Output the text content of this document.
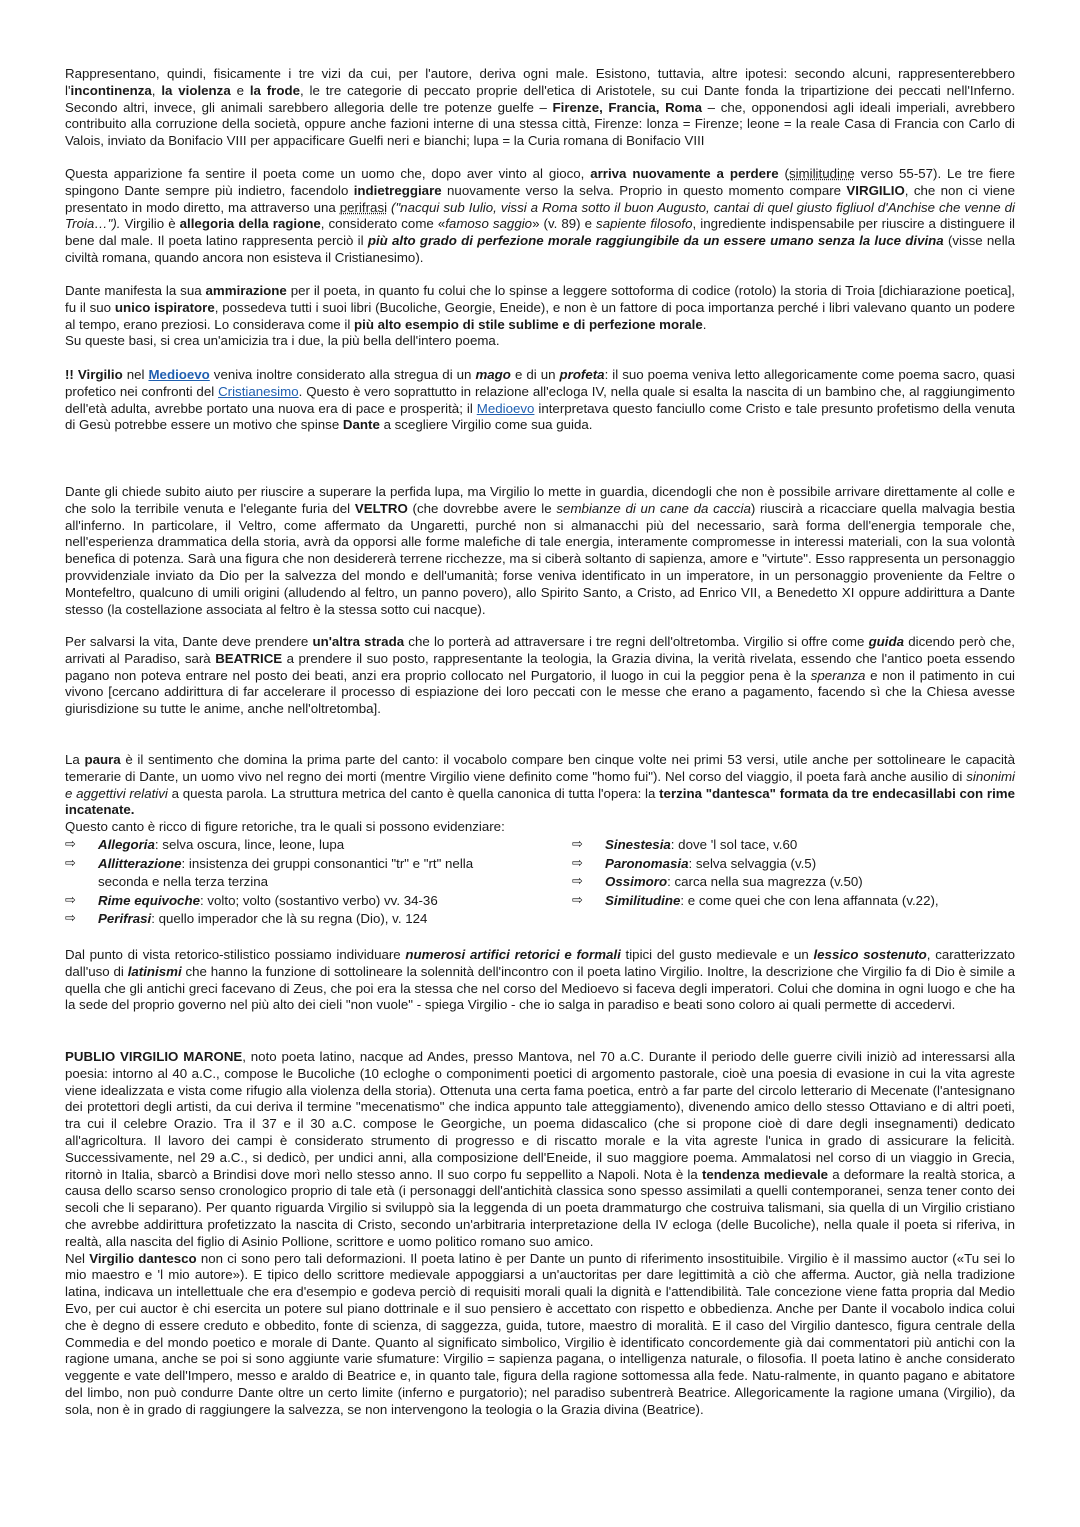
Rappresentano, quindi, fisicamente i tre vizi da cui, per l'autore, deriva ogni male. Esistono, tuttavia, altre ipotesi: secondo alcuni, rappresenterebbero l'incontinenza, la violenza e la frode, le tre categorie di peccato proprie dell'etica di Aristotele, su cui Dante fonda la tripartizione dei peccati nell'Inferno. Secondo altri, invece, gli animali sarebbero allegoria delle tre potenze guelfe – Firenze, Francia, Roma – che, opponendosi agli ideali imperiali, avrebbero contribuito alla corruzione della società, oppure anche fazioni interne di una stessa città, Firenze: lonza = Firenze; leone = la reale Casa di Francia con Carlo di Valois, inviato da Bonifacio VIII per appacificare Guelfi neri e bianchi; lupa = la Curia romana di Bonifacio VIII

Questa apparizione fa sentire il poeta come un uomo che, dopo aver vinto al gioco, arriva nuovamente a perdere (similitudine verso 55-57). Le tre fiere spingono Dante sempre più indietro, facendolo indietreggiare nuovamente verso la selva. Proprio in questo momento compare VIRGILIO, che non ci viene presentato in modo diretto, ma attraverso una perifrasi ("nacqui sub Iulio, vissi a Roma sotto il buon Augusto, cantai di quel giusto figliuol d'Anchise che venne di Troia…"). Virgilio è allegoria della ragione, considerato come «famoso saggio» (v. 89) e sapiente filosofo, ingrediente indispensabile per riuscire a distinguere il bene dal male. Il poeta latino rappresenta perciò il più alto grado di perfezione morale raggiungibile da un essere umano senza la luce divina (visse nella civiltà romana, quando ancora non esisteva il Cristianesimo).

Dante manifesta la sua ammirazione per il poeta, in quanto fu colui che lo spinse a leggere sottoforma di codice (rotolo) la storia di Troia [dichiarazione poetica], fu il suo unico ispiratore, possedeva tutti i suoi libri (Bucoliche, Georgie, Eneide), e non è un fattore di poca importanza perché i libri valevano quanto un podere al tempo, erano preziosi. Lo considerava come il più alto esempio di stile sublime e di perfezione morale.
Su queste basi, si crea un'amicizia tra i due, la più bella dell'intero poema.

!! Virgilio nel Medioevo veniva inoltre considerato alla stregua di un mago e di un profeta: il suo poema veniva letto allegoricamente come poema sacro, quasi profetico nei confronti del Cristianesimo. Questo è vero soprattutto in relazione all'ecloga IV, nella quale si esalta la nascita di un bambino che, al raggiungimento dell'età adulta, avrebbe portato una nuova era di pace e prosperità; il Medioevo interpretava questo fanciullo come Cristo e tale presunto profetismo della venuta di Gesù potrebbe essere un motivo che spinse Dante a scegliere Virgilio come sua guida.

Dante gli chiede subito aiuto per riuscire a superare la perfida lupa, ma Virgilio lo mette in guardia, dicendogli che non è possibile arrivare direttamente al colle e che solo la terribile venuta e l'elegante furia del VELTRO (che dovrebbe avere le sembianze di un cane da caccia) riuscirà a ricacciare quella malvagia bestia all'inferno. In particolare, il Veltro, come affermato da Ungaretti, purché non si almanacchi più del necessario, sarà forma dell'energia temporale che, nell'esperienza drammatica della storia, avrà da opporsi alle forme malefiche di tale energia, interamente compromesse in interessi materiali, con la sua volontà benefica di potenza. Sarà una figura che non desidererà terrene ricchezze, ma si ciberà soltanto di sapienza, amore e "virtute". Esso rappresenta un personaggio provvidenziale inviato da Dio per la salvezza del mondo e dell'umanità; forse veniva identificato in un imperatore, in un personaggio proveniente da Feltre o Montefeltro, qualcuno di umili origini (alludendo al feltro, un panno povero), allo Spirito Santo, a Cristo, ad Enrico VII, a Benedetto XI oppure addirittura a Dante stesso (la costellazione associata al feltro è la stessa sotto cui nacque).

Per salvarsi la vita, Dante deve prendere un'altra strada che lo porterà ad attraversare i tre regni dell'oltretomba. Virgilio si offre come guida dicendo però che, arrivati al Paradiso, sarà BEATRICE a prendere il suo posto, rappresentante la teologia, la Grazia divina, la verità rivelata, essendo che l'antico poeta essendo pagano non poteva entrare nel posto dei beati, anzi era proprio collocato nel Purgatorio, il luogo in cui la peggior pena è la speranza e non il patimento in cui vivono [cercano addirittura di far accelerare il processo di espiazione dei loro peccati con le messe che erano a pagamento, facendo sì che la Chiesa avesse giurisdizione su tutte le anime, anche nell'oltretomba].

La paura è il sentimento che domina la prima parte del canto: il vocabolo compare ben cinque volte nei primi 53 versi, utile anche per sottolineare le capacità temerarie di Dante, un uomo vivo nel regno dei morti (mentre Virgilio viene definito come "homo fui"). Nel corso del viaggio, il poeta farà anche ausilio di sinonimi e aggettivi relativi a questa parola. La struttura metrica del canto è quella canonica di tutta l'opera: la terzina "dantesca" formata da tre endecasillabi con rime incatenate.
Questo canto è ricco di figure retoriche, tra le quali si possono evidenziare:

⇨ Allegoria: selva oscura, lince, leone, lupa
⇨ Allitterazione: insistenza dei gruppi consonantici "tr" e "rt" nella seconda e nella terza terzina
⇨ Rime equivoche: volto; volto (sostantivo verbo) vv. 34-36
⇨ Perifrasi: quello imperador che là su regna (Dio), v. 124
⇨ Sinestesia: dove 'l sol tace, v.60
⇨ Paronomasia: selva selvaggia (v.5)
⇨ Ossimoro: carca nella sua magrezza (v.50)
⇨ Similitudine: e come quei che con lena affannata (v.22),

Dal punto di vista retorico-stilistico possiamo individuare numerosi artifici retorici e formali tipici del gusto medievale e un lessico sostenuto, caratterizzato dall'uso di latinismi che hanno la funzione di sottolineare la solennità dell'incontro con il poeta latino Virgilio. Inoltre, la descrizione che Virgilio fa di Dio è simile a quella che gli antichi greci facevano di Zeus, che poi era la stessa che nel corso del Medioevo si faceva degli imperatori. Colui che domina in ogni luogo e che ha la sede del proprio governo nel più alto dei cieli "non vuole" - spiega Virgilio - che io salga in paradiso e beati sono coloro ai quali permette di accedervi.

PUBLIO VIRGILIO MARONE, noto poeta latino, nacque ad Andes, presso Mantova, nel 70 a.C. Durante il periodo delle guerre civili iniziò ad interessarsi alla poesia: intorno al 40 a.C., compose le Bucoliche (10 ecloghe o componimenti poetici di argomento pastorale, cioè una poesia di evasione in cui la vita agreste viene idealizzata e vista come rifugio alla violenza della storia). Ottenuta una certa fama poetica, entrò a far parte del circolo letterario di Mecenate (l'antesignano dei protettori degli artisti, da cui deriva il termine "mecenatismo" che indica appunto tale atteggiamento), divenendo amico dello stesso Ottaviano e di altri poeti, tra cui il celebre Orazio. Tra il 37 e il 30 a.C. compose le Georgiche, un poema didascalico (che si propone cioè di dare degli insegnamenti) dedicato all'agricoltura. Il lavoro dei campi è considerato strumento di progresso e di riscatto morale e la vita agreste l'unica in grado di assicurare la felicità. Successivamente, nel 29 a.C., si dedicò, per undici anni, alla composizione dell'Eneide, il suo maggiore poema. Ammalatosi nel corso di un viaggio in Grecia, ritornò in Italia, sbarcò a Brindisi dove morì nello stesso anno. Il suo corpo fu seppellito a Napoli. Nota è la tendenza medievale a deformare la realtà storica, a causa dello scarso senso cronologico proprio di tale età (i personaggi dell'antichità classica sono spesso assimilati a quelli contemporanei, senza tener conto dei secoli che li separano). Per quanto riguarda Virgilio si sviluppò sia la leggenda di un poeta drammaturgo che costruiva talismani, sia quella di un Virgilio cristiano che avrebbe addirittura profetizzato la nascita di Cristo, secondo un'arbitraria interpretazione della IV ecloga (delle Bucoliche), nella quale il poeta si riferiva, in realtà, alla nascita del figlio di Asinio Pollione, scrittore e uomo politico romano suo amico.
Nel Virgilio dantesco non ci sono pero tali deformazioni. Il poeta latino è per Dante un punto di riferimento insostituibile. Virgilio è il massimo auctor («Tu sei lo mio maestro e 'l mio autore»). E tipico dello scrittore medievale appoggiarsi a un'auctoritas per dare legittimità a ciò che afferma. Auctor, già nella tradizione latina, indicava un intellettuale che era d'esempio e godeva perciò di requisiti morali quali la dignità e l'attendibilità. Tale concezione viene fatta propria dal Medio Evo, per cui auctor è chi esercita un potere sul piano dottrinale e il suo pensiero è accettato con rispetto e obbedienza. Anche per Dante il vocabolo indica colui che è degno di essere creduto e obbedito, fonte di scienza, di saggezza, guida, tutore, maestro di moralità. E il caso del Virgilio dantesco, figura centrale della Commedia e del mondo poetico e morale di Dante. Quanto al significato simbolico, Virgilio è identificato concordemente già dai commentatori più antichi con la ragione umana, anche se poi si sono aggiunte varie sfumature: Virgilio = sapienza pagana, o intelligenza naturale, o filosofia. Il poeta latino è anche considerato veggente e vate dell'Impero, messo e araldo di Beatrice e, in quanto tale, figura della ragione sottomessa alla fede. Natu-ralmente, in quanto pagano e abitatore del limbo, non può condurre Dante oltre un certo limite (inferno e purgatorio); nel paradiso subentrerà Beatrice. Allegoricamente la ragione umana (Virgilio), da sola, non è in grado di raggiungere la salvezza, se non intervengono la teologia o la Grazia divina (Beatrice).
